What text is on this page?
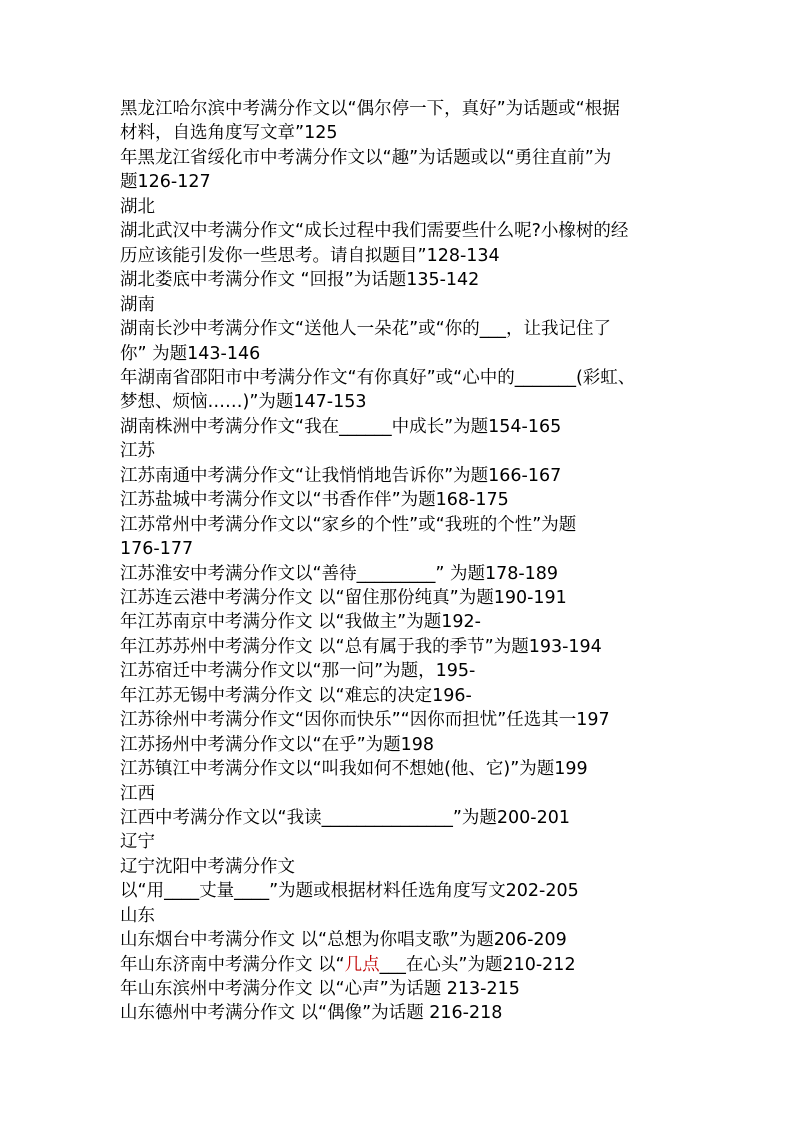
黑龙江哈尔滨中考满分作文以“偶尔停一下，真好”为话题或“根据
材料，自选角度写文章”125
年黑龙江省绥化市中考满分作文以“趣”为话题或以“勇往直前”为
题126-127
湖北
湖北武汉中考满分作文“成长过程中我们需要些什么呢?小橡树的经
历应该能引发你一些思考。请自拟题目”128-134
湖北娄底中考满分作文 “回报”为话题135-142
湖南
湖南长沙中考满分作文“送他人一朵花”或“你的___，让我记住了
你” 为题143-146
年湖南省邵阳市中考满分作文“有你真好”或“心中的_______(彩虹、
梦想、烦恼……)”为题147-153
湖南株洲中考满分作文“我在______中成长”为题154-165
江苏
江苏南通中考满分作文“让我悄悄地告诉你”为题166-167
江苏盐城中考满分作文以“书香作伴”为题168-175
江苏常州中考满分作文以“家乡的个性”或“我班的个性”为题
176-177
江苏淮安中考满分作文以“善待_________” 为题178-189
江苏连云港中考满分作文 以“留住那份纯真”为题190-191
年江苏南京中考满分作文 以“我做主”为题192-
年江苏苏州中考满分作文 以“总有属于我的季节”为题193-194
江苏宿迁中考满分作文以“那一问”为题，195-
年江苏无锡中考满分作文 以“难忘的决定196-
江苏徐州中考满分作文“因你而快乐”“因你而担忧”任选其一197
江苏扬州中考满分作文以“在乎”为题198
江苏镇江中考满分作文以“叫我如何不想她(他、它)”为题199
江西
江西中考满分作文以“我读_______________”为题200-201
辽宁
辽宁沈阳中考满分作文
以“用____丈量____”为题或根据材料任选角度写文202-205
山东
山东烟台中考满分作文 以“总想为你唱支歌”为题206-209
年山东济南中考满分作文 以“几点___在心头”为题210-212
年山东滨州中考满分作文 以“心声”为话题 213-215
山东德州中考满分作文 以“偶像”为话题 216-218
